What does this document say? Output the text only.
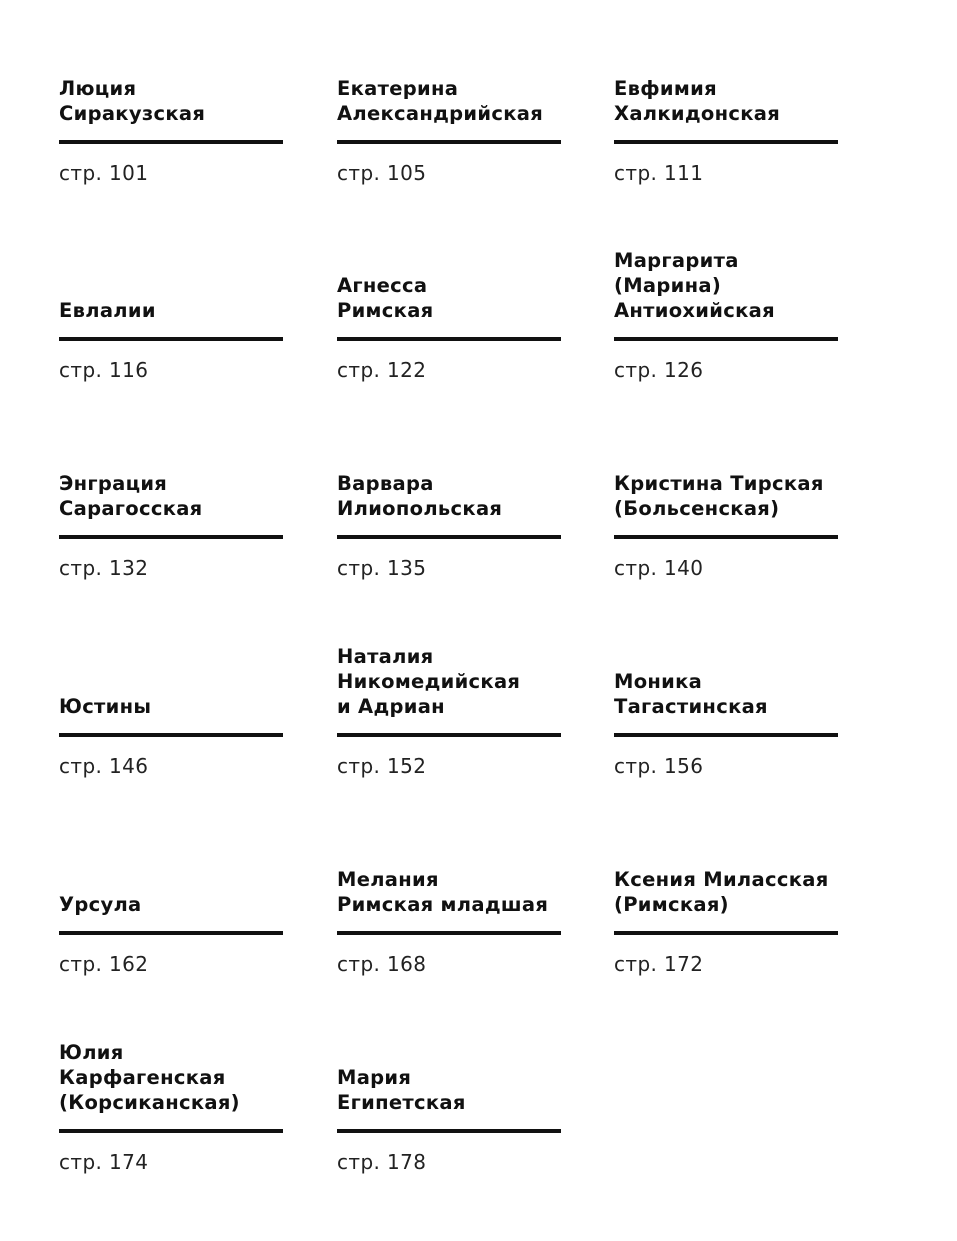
Люция
Сиракузская
стр. 101
Екатерина
Александрийская
стр. 105
Евфимия
Халкидонская
стр. 111
Евлалии
стр. 116
Агнесса
Римская
стр. 122
Маргарита
(Марина)
Антиохийская
стр. 126
Энграция
Сарагосская
стр. 132
Варвара
Илиопольская
стр. 135
Кристина Тирская
(Больсенская)
стр. 140
Юстины
стр. 146
Наталия
Никомедийская
и Адриан
стр. 152
Моника
Тагастинская
стр. 156
Урсула
стр. 162
Мелания
Римская младшая
стр. 168
Ксения Миласская
(Римская)
стр. 172
Юлия
Карфагенская
(Корсиканская)
стр. 174
Мария
Египетская
стр. 178
